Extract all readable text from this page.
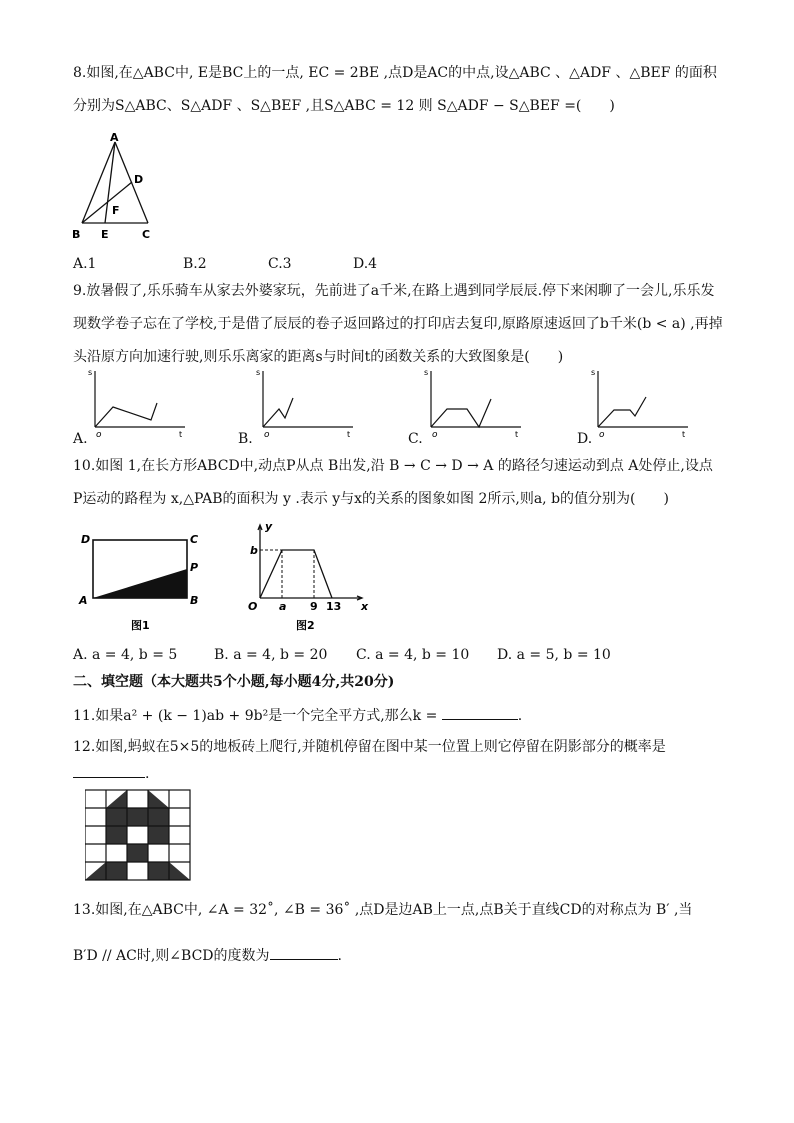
8.如图,在△ABC中, E是BC上的一点, EC = 2BE ,点D是AC的中点,设△ABC 、△ADF 、△BEF 的面积
分别为S△ABC、S△ADF 、S△BEF ,且S△ABC = 12 则 S△ADF − S△BEF =(　　)
A
D
F
B E	C
A.1	B.2	C.3	D.4
9.放暑假了,乐乐骑车从家去外婆家玩，先前进了a千米,在路上遇到同学辰辰.停下来闲聊了一会儿,乐乐发
现数学卷子忘在了学校,于是借了辰辰的卷子返回路过的打印店去复印,原路原速返回了b千米(b < a) ,再掉
头沿原方向加速行驶,则乐乐离家的距离s与时间t的函数关系的大致图象是(　　)
A.
s
o	t	B.
s
o	t	C.
s
o	t	D.
s
o	t
10.如图 1,在长方形ABCD中,动点P从点 B出发,沿 B → C → D → A 的路径匀速运动到点 A处停止,设点
P运动的路程为 x,△PAB的面积为 y .表示 y与x的关系的图象如图 2所示,则a, b的值分别为(　　)
D	C
P
A	B
图1
y
b
O a 9 13 x
图2
A. a = 4, b = 5	B. a = 4, b = 20 C. a = 4, b = 10 D. a = 5, b = 10
二、填空题（本大题共5个小题,每小题4分,共20分)
11.如果a² + (k − 1)ab + 9b²是一个完全平方式,那么k =	.
12.如图,蚂蚁在5×5的地板砖上爬行,并随机停留在图中某一位置上则它停留在阴影部分的概率是
.
13.如图,在△ABC中, ∠A = 32˚, ∠B = 36˚ ,点D是边AB上一点,点B关于直线CD的对称点为 B′ ,当
B′D // AC时,则∠BCD的度数为	.
